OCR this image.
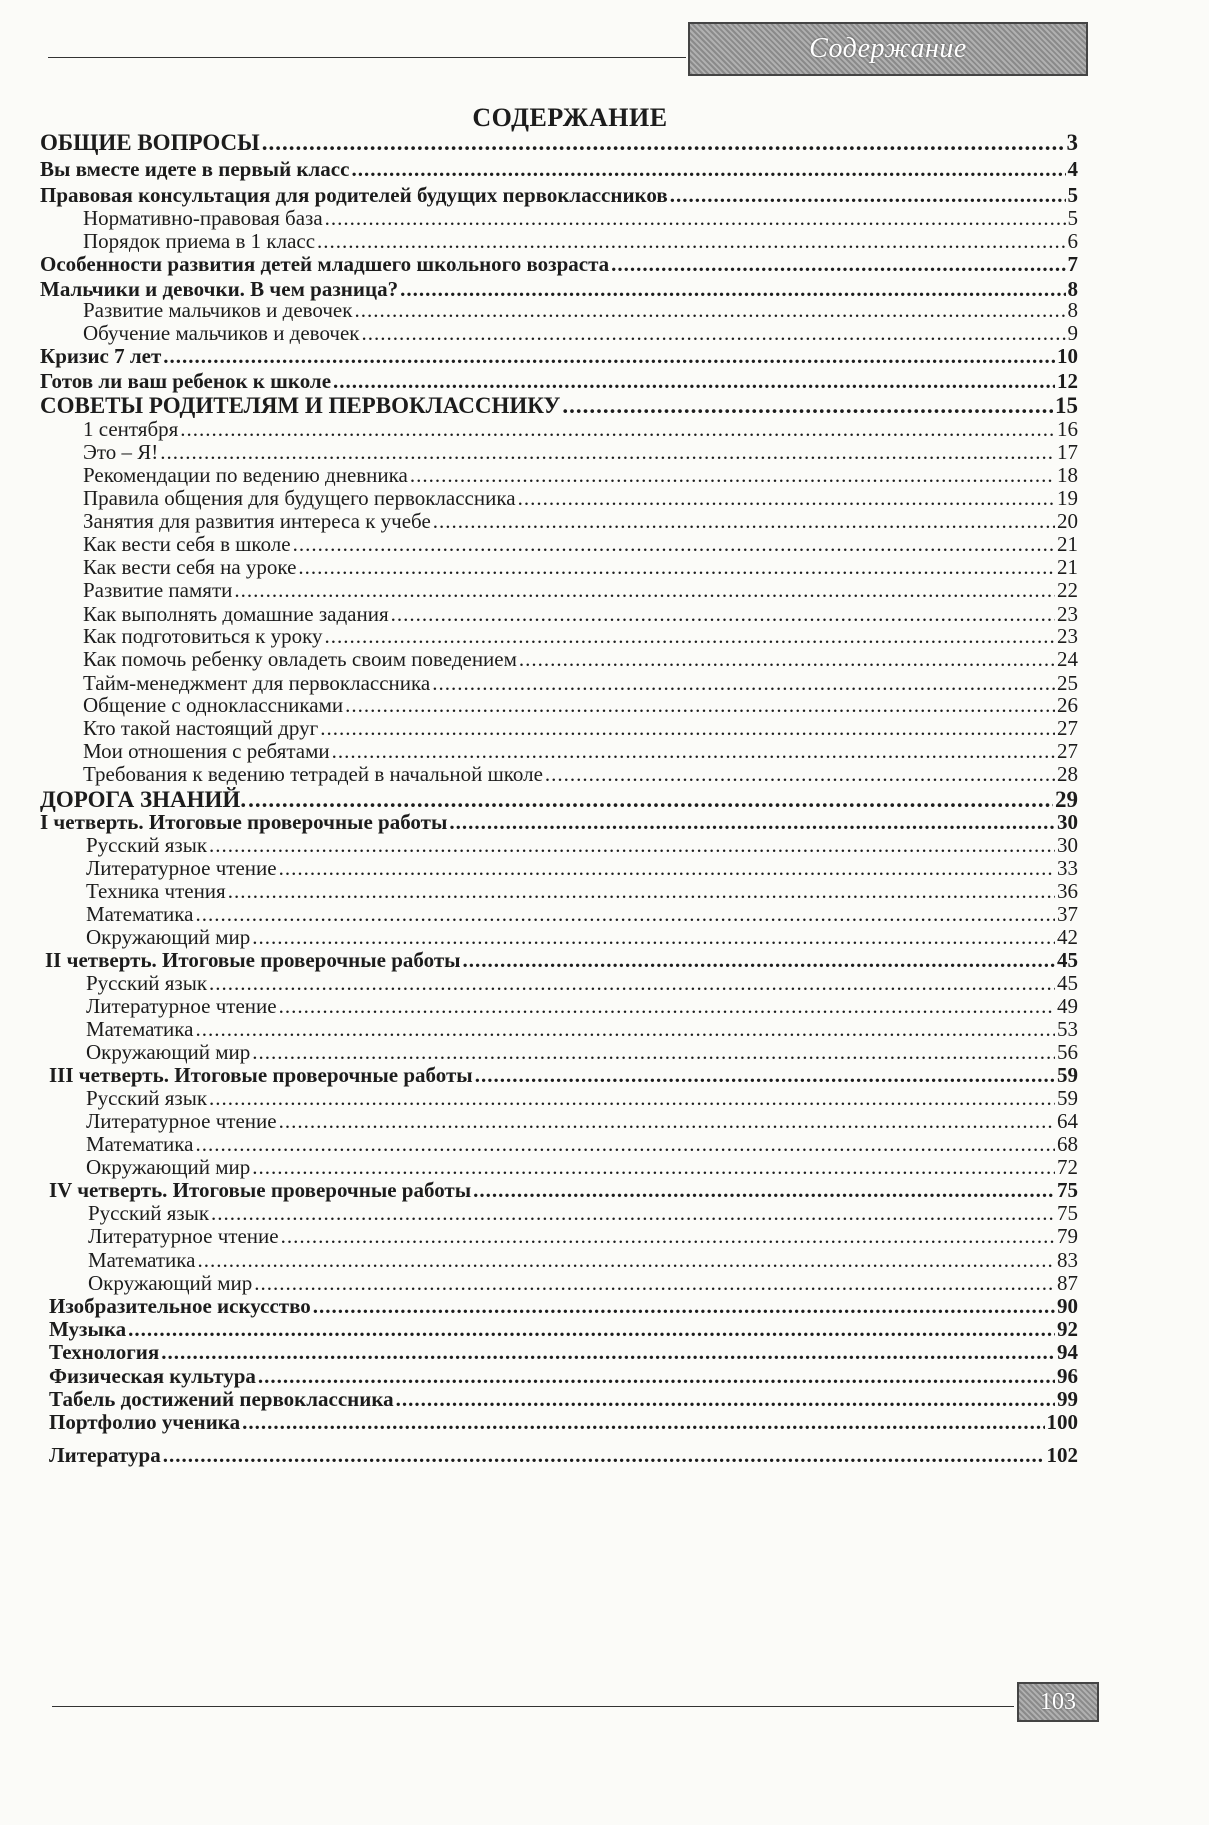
Содержание
СОДЕРЖАНИЕ
ОБЩИЕ ВОПРОСЫ .....	3
Вы вместе идете в первый класс .....	4
Правовая консультация для родителей будущих первоклассников .....	5
Нормативно-правовая база .....	5
Порядок приема в 1 класс .....	6
Особенности развития детей младшего школьного возраста .....	7
Мальчики и девочки. В чем разница? .....	8
Развитие мальчиков и девочек .....	8
Обучение мальчиков и девочек .....	9
Кризис 7 лет .....	10
Готов ли ваш ребенок к школе .....	12
СОВЕТЫ РОДИТЕЛЯМ И ПЕРВОКЛАССНИКУ .....	15
1 сентября .....	16
Это – Я! .....	17
Рекомендации по ведению дневника .....	18
Правила общения для будущего первоклассника .....	19
Занятия для развития интереса к учебе .....	20
Как вести себя в школе .....	21
Как вести себя на уроке .....	21
Развитие памяти .....	22
Как выполнять домашние задания .....	23
Как подготовиться к уроку .....	23
Как помочь ребенку овладеть своим поведением .....	24
Тайм-менеджмент для первоклассника .....	25
Общение с одноклассниками .....	26
Кто такой настоящий друг .....	27
Мои отношения с ребятами .....	27
Требования к ведению тетрадей в начальной школе .....	28
ДОРОГА ЗНАНИЙ. .....	29
I четверть. Итоговые проверочные работы .....	30
Русский язык .....	30
Литературное чтение .....	33
Техника чтения .....	36
Математика .....	37
Окружающий мир .....	42
II четверть. Итоговые проверочные работы .....	45
Русский язык .....	45
Литературное чтение .....	49
Математика .....	53
Окружающий мир .....	56
III четверть. Итоговые проверочные работы .....	59
Русский язык .....	59
Литературное чтение .....	64
Математика .....	68
Окружающий мир .....	72
IV четверть. Итоговые проверочные работы .....	75
Русский язык .....	75
Литературное чтение .....	79
Математика .....	83
Окружающий мир .....	87
Изобразительное искусство .....	90
Музыка .....	92
Технология .....	94
Физическая культура .....	96
Табель достижений первоклассника .....	99
Портфолио ученика .....	100
Литература .....	102
103
